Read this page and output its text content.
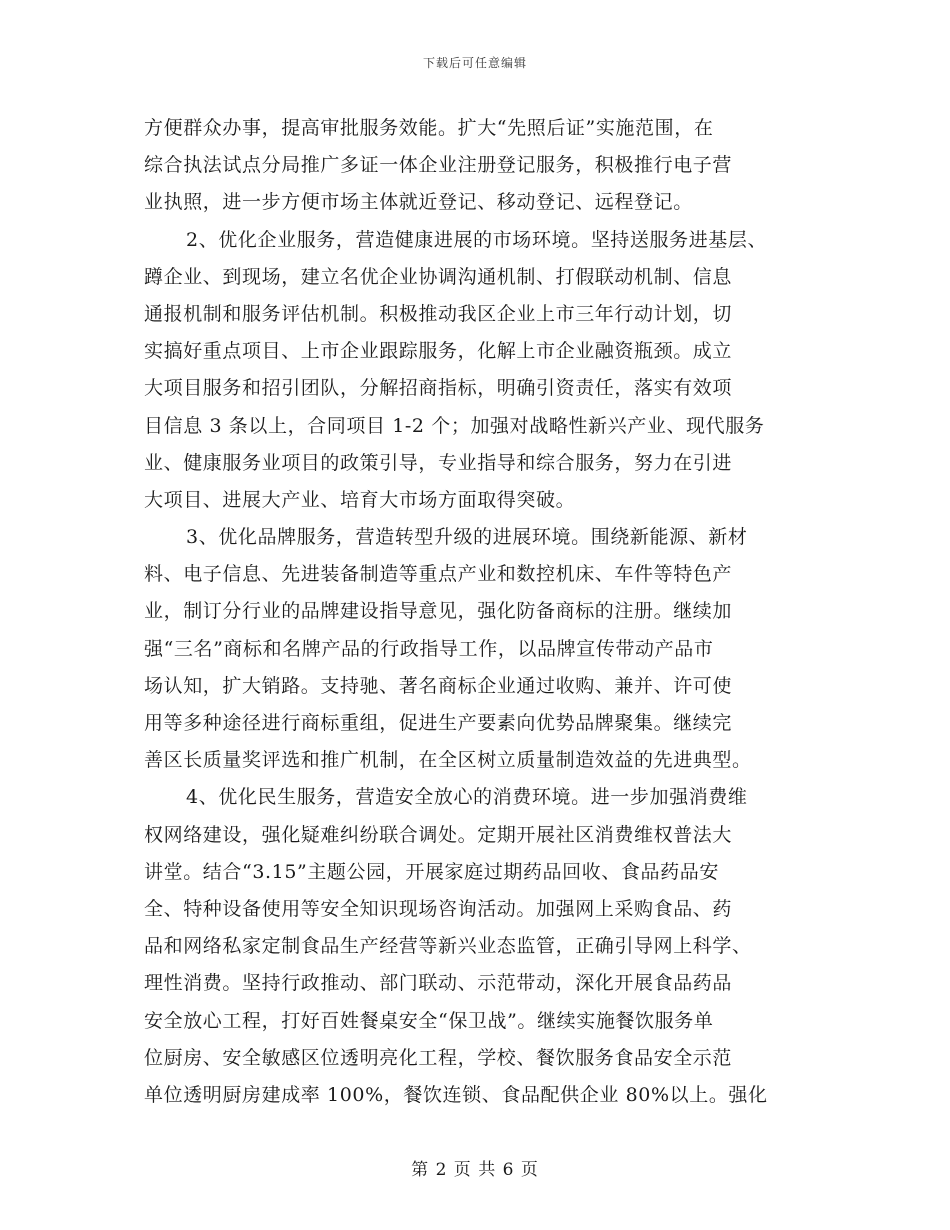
下载后可任意编辑
方便群众办事，提高审批服务效能。扩大“先照后证”实施范围，在
综合执法试点分局推广多证一体企业注册登记服务，积极推行电子营
业执照，进一步方便市场主体就近登记、移动登记、远程登记。
2、优化企业服务，营造健康进展的市场环境。坚持送服务进基层、
蹲企业、到现场，建立名优企业协调沟通机制、打假联动机制、信息
通报机制和服务评估机制。积极推动我区企业上市三年行动计划，切
实搞好重点项目、上市企业跟踪服务，化解上市企业融资瓶颈。成立
大项目服务和招引团队，分解招商指标，明确引资责任，落实有效项
目信息 3 条以上，合同项目 1-2 个；加强对战略性新兴产业、现代服务
业、健康服务业项目的政策引导，专业指导和综合服务，努力在引进
大项目、进展大产业、培育大市场方面取得突破。
3、优化品牌服务，营造转型升级的进展环境。围绕新能源、新材
料、电子信息、先进装备制造等重点产业和数控机床、车件等特色产
业，制订分行业的品牌建设指导意见，强化防备商标的注册。继续加
强“三名”商标和名牌产品的行政指导工作，以品牌宣传带动产品市
场认知，扩大销路。支持驰、著名商标企业通过收购、兼并、许可使
用等多种途径进行商标重组，促进生产要素向优势品牌聚集。继续完
善区长质量奖评选和推广机制，在全区树立质量制造效益的先进典型。
4、优化民生服务，营造安全放心的消费环境。进一步加强消费维
权网络建设，强化疑难纠纷联合调处。定期开展社区消费维权普法大
讲堂。结合“3.15”主题公园，开展家庭过期药品回收、食品药品安
全、特种设备使用等安全知识现场咨询活动。加强网上采购食品、药
品和网络私家定制食品生产经营等新兴业态监管，正确引导网上科学、
理性消费。坚持行政推动、部门联动、示范带动，深化开展食品药品
安全放心工程，打好百姓餐桌安全“保卫战”。继续实施餐饮服务单
位厨房、安全敏感区位透明亮化工程，学校、餐饮服务食品安全示范
单位透明厨房建成率 100%，餐饮连锁、食品配供企业 80%以上。强化
第 2 页 共 6 页
